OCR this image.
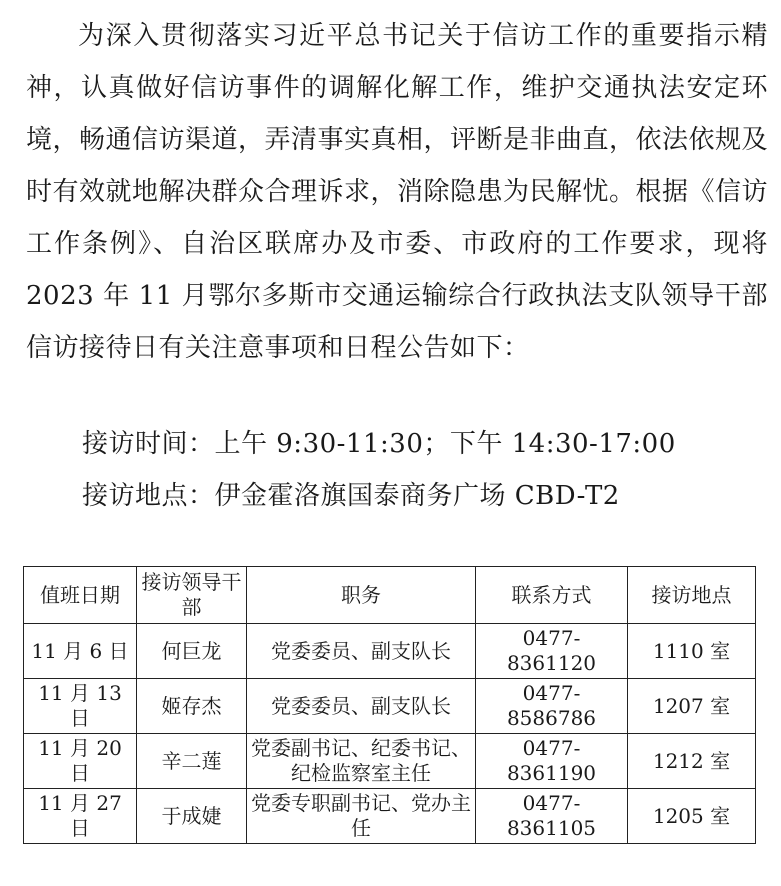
为深入贯彻落实习近平总书记关于信访工作的重要指示精神，认真做好信访事件的调解化解工作，维护交通执法安定环境，畅通信访渠道，弄清事实真相，评断是非曲直，依法依规及时有效就地解决群众合理诉求，消除隐患为民解忧。根据《信访工作条例》、自治区联席办及市委、市政府的工作要求，现将 2023 年 11 月鄂尔多斯市交通运输综合行政执法支队领导干部信访接待日有关注意事项和日程公告如下：

接访时间：上午 9:30-11:30；下午 14:30-17:00

接访地点：伊金霍洛旗国泰商务广场 CBD-T2

值班日期	接访领导干部	职务	联系方式	接访地点
11 月 6 日	何巨龙	党委委员、副支队长	0477-8361120	1110 室
11 月 13 日	姬存杰	党委委员、副支队长	0477-8586786	1207 室
11 月 20 日	辛二莲	党委副书记、纪委书记、纪检监察室主任	0477-8361190	1212 室
11 月 27 日	于成婕	党委专职副书记、党办主任	0477-8361105	1205 室
